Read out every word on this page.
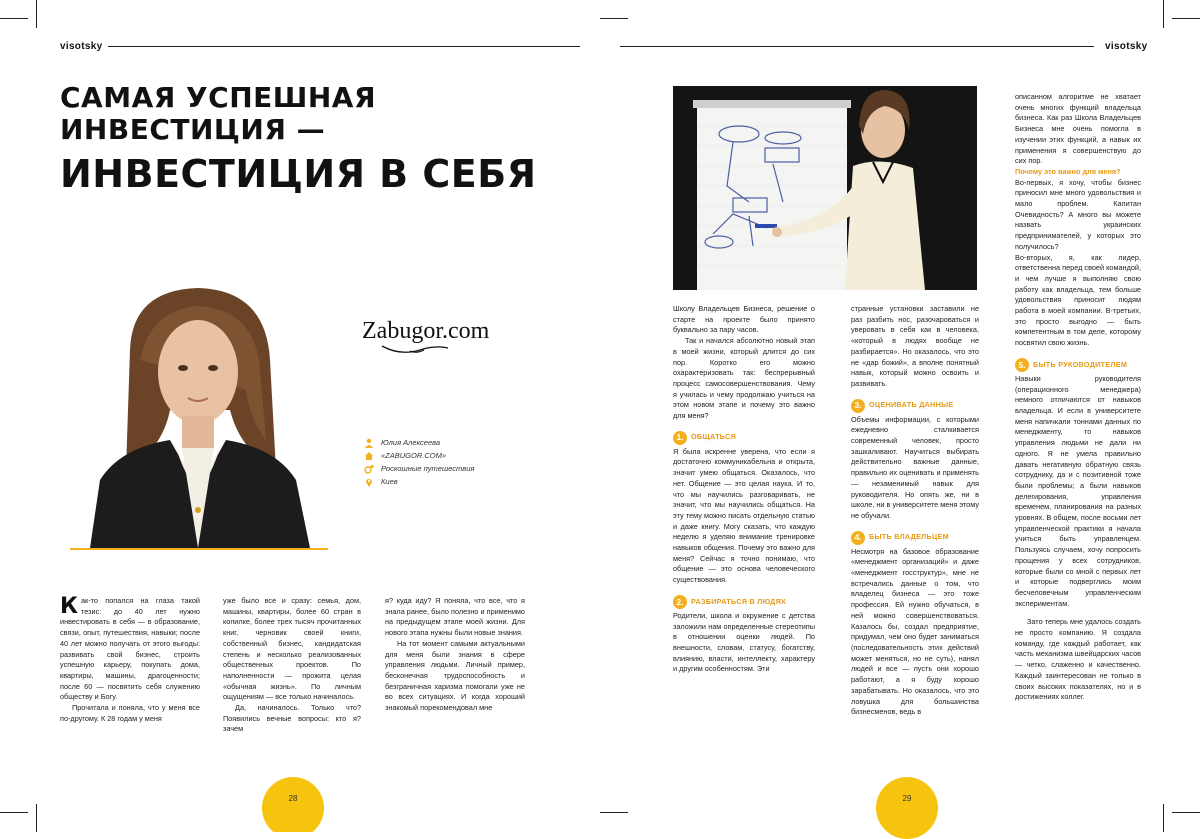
visotsky
САМАЯ УСПЕШНАЯ
ИНВЕСТИЦИЯ —
ИНВЕСТИЦИЯ В СЕБЯ
Zabugor.com
Юлия Алексеева
«ZABUGOR.COM»
Роскошные путешествия
Киев

Как-то попался на глаза такой тезис: до 40 лет нужно инвестировать в себя — в образование, связи, опыт, путешествия, навыки; после 40 лет можно получать от этого выгоды: развивать свой бизнес, строить успешную карьеру, покупать дома, квартиры, машины, драгоценности; после 60 — посвятить себя служению обществу и Богу.

Прочитала и поняла, что у меня все по-другому. К 28 годам у меня

уже было все и сразу: семья, дом, машины, квартиры, более 60 стран в копилке, более трех тысяч прочитанных книг, черновик своей книги, собственный бизнес, кандидатская степень и несколько реализованных общественных проектов. По наполненности — прожита целая «обычная жизнь». По личным ощущениям — все только начиналось.

Да, начиналось. Только что? Появились вечные вопросы: кто я? зачем

я? куда иду? Я поняла, что все, что я знала ранее, было полезно и применимо на предыдущем этапе моей жизни. Для нового этапа нужны были новые знания.

На тот момент самыми актуальными для меня были знания в сфере управления людьми. Личный пример, бесконечная трудоспособность и безграничная харизма помогали уже не во всех ситуациях. И когда хороший знакомый порекомендовал мне

28
visotsky

Школу Владельцев Бизнеса, решение о старте на проекте было принято буквально за пару часов.

Так и начался абсолютно новый этап в моей жизни, который длится до сих пор. Коротко его можно охарактеризовать так: беспрерывный процесс самосовершенствования. Чему я училась и чему продолжаю учиться на этом новом этапе и почему это важно для меня?

1.	ОБЩАТЬСЯ

Я была искренне уверена, что если я достаточно коммуникабельна и открыта, значит умею общаться. Оказалось, что нет. Общение — это целая наука. И то, что мы научились разговаривать, не значит, что мы научились общаться. На эту тему можно писать отдельную статью и даже книгу. Могу сказать, что каждую неделю я уделяю внимание тренировке навыков общения. Почему это важно для меня? Сейчас я точно понимаю, что общение — это основа человеческого существования.

2.	РАЗБИРАТЬСЯ В ЛЮДЯХ

Родители, школа и окружение с детства заложили нам определенные стереотипы в отношении оценки людей. По внешности, словам, статусу, богатству, влиянию, власти, интеллекту, характеру и другим особенностям. Эти

странные установки заставили не раз разбить нос, разочароваться и уверовать в себя как в человека, «который в людях вообще не разбирается». Но оказалось, что это не «дар божий», а вполне понятный навык, который можно освоить и развивать.

3.	ОЦЕНИВАТЬ ДАННЫЕ

Объемы информации, с которыми ежедневно сталкивается современный человек, просто зашкаливают. Научиться выбирать действительно важные данные, правильно их оценивать и применять — незаменимый навык для руководителя. Но опять же, ни в школе, ни в университете меня этому не обучали.

4.	БЫТЬ ВЛАДЕЛЬЦЕМ

Несмотря на базовое образование «менеджмент организаций» и даже «менеджмент госструктур», мне не встречались данные о том, что владелец бизнеса — это тоже профессия. Ей нужно обучаться, в ней можно совершенствоваться. Казалось бы, создал предприятие, придумал, чем оно будет заниматься (последовательность этих действий может меняться, но не суть), нанял людей и все — пусть они хорошо работают, а я буду хорошо зарабатывать. Но оказалось, что это ловушка для большинства бизнесменов, ведь в

описанном алгоритме не хватает очень многих функций владельца бизнеса. Как раз Школа Владельцев Бизнеса мне очень помогла в изучении этих функций, а навык их применения я совершенствую до сих пор.

Почему это важно для меня?

Во-первых, я хочу, чтобы бизнес приносил мне много удовольствия и мало проблем. Капитан Очевидность? А много вы можете назвать украинских предпринимателей, у которых это получилось?

Во-вторых, я, как лидер, ответственна перед своей командой, и чем лучше я выполняю свою работу как владельца, тем больше удовольствия приносит людям работа в моей компании. В-третьих, это просто выгодно — быть компетентным в том деле, которому посвятил свою жизнь.

5.	БЫТЬ РУКОВОДИТЕЛЕМ

Навыки руководителя (операционного менеджера) немного отличаются от навыков владельца. И если в университете меня напичкали тоннами данных по менеджменту, то навыков управления людьми не дали ни одного. Я не умела правильно давать негативную обратную связь сотруднику, да и с позитивной тоже были проблемы; а были навыков делегирования, управления временем, планирования на разных уровнях. В общем, после восьми лет управленческой практики я начала учиться быть управленцем. Пользуясь случаем, хочу попросить прощения у всех сотрудников, которые были со мной с первых лет и которые подверглись моим бесчеловечным управленческим экспериментам.

Зато теперь мне удалось создать не просто компанию. Я создала команду, где каждый работает, как часть механизма швейцарских часов — четко, слаженно и качественно. Каждый заинтересован не только в своих высоких показателях, но и в достижениях коллег.

29
